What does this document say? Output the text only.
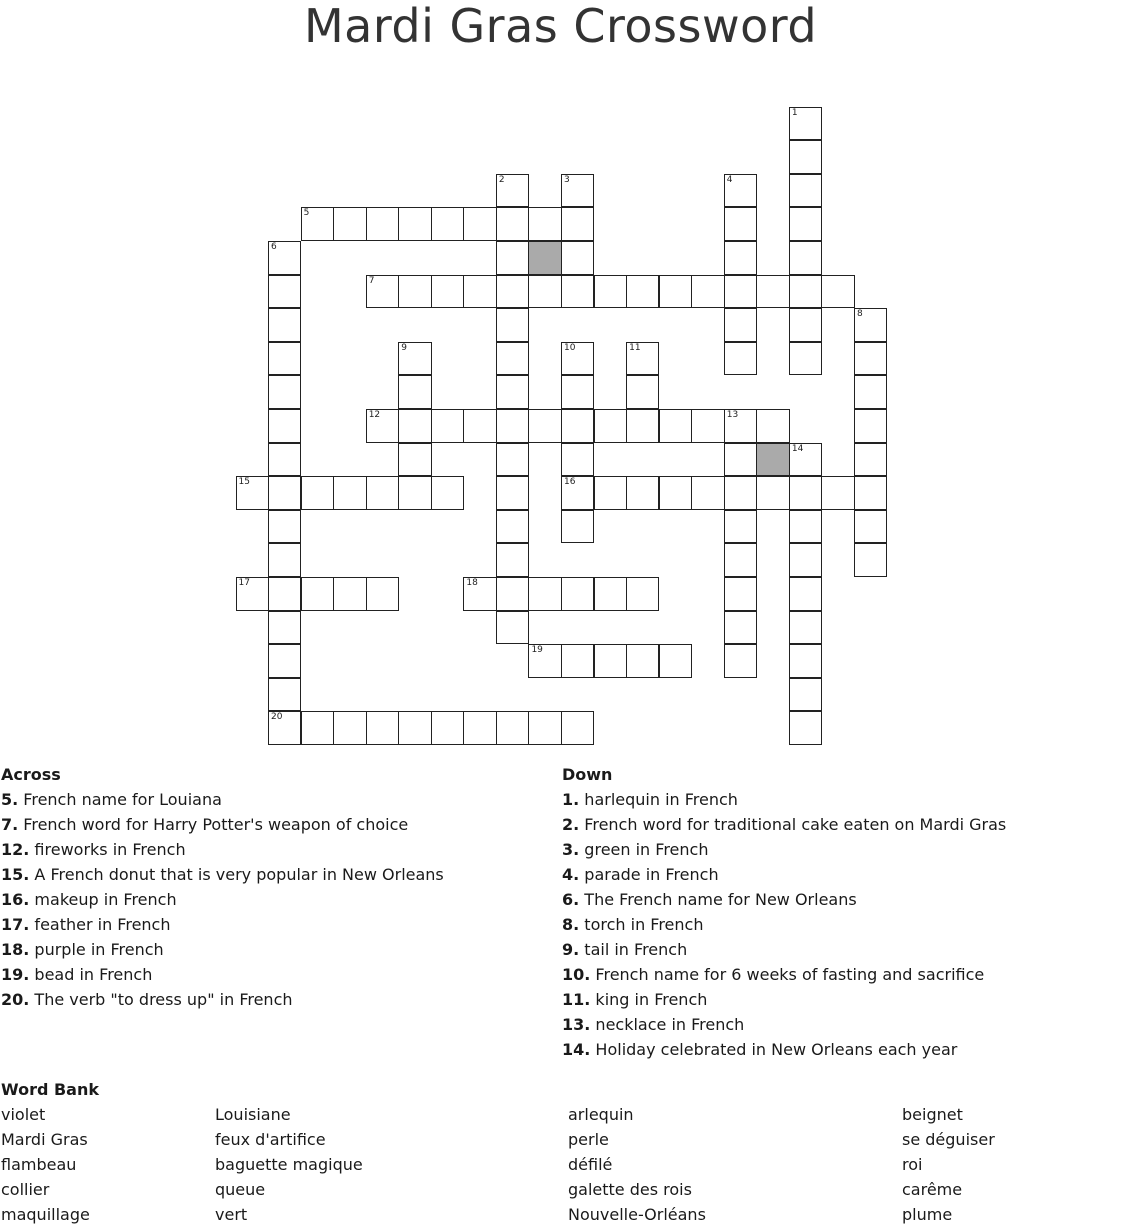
Mardi Gras Crossword
1
2	3	4
5
6
20
7
8
9	10
16
11
12	13
14
15
17	18
19
Across
5. French name for Louiana
7. French word for Harry Potter's weapon of choice
12. fireworks in French
15. A French donut that is very popular in New Orleans
16. makeup in French
17. feather in French
18. purple in French
19. bead in French
20. The verb "to dress up" in French
Down
1. harlequin in French
2. French word for traditional cake eaten on Mardi Gras
3. green in French
4. parade in French
6. The French name for New Orleans
8. torch in French
9. tail in French
10. French name for 6 weeks of fasting and sacrifice
11. king in French
13. necklace in French
14. Holiday celebrated in New Orleans each year
Word Bank
violet
Mardi Gras
flambeau
collier
maquillage
Louisiane
feux d'artifice
baguette magique
queue
vert
arlequin
perle
défilé
galette des rois
Nouvelle-Orléans
beignet
se déguiser
roi
carême
plume
